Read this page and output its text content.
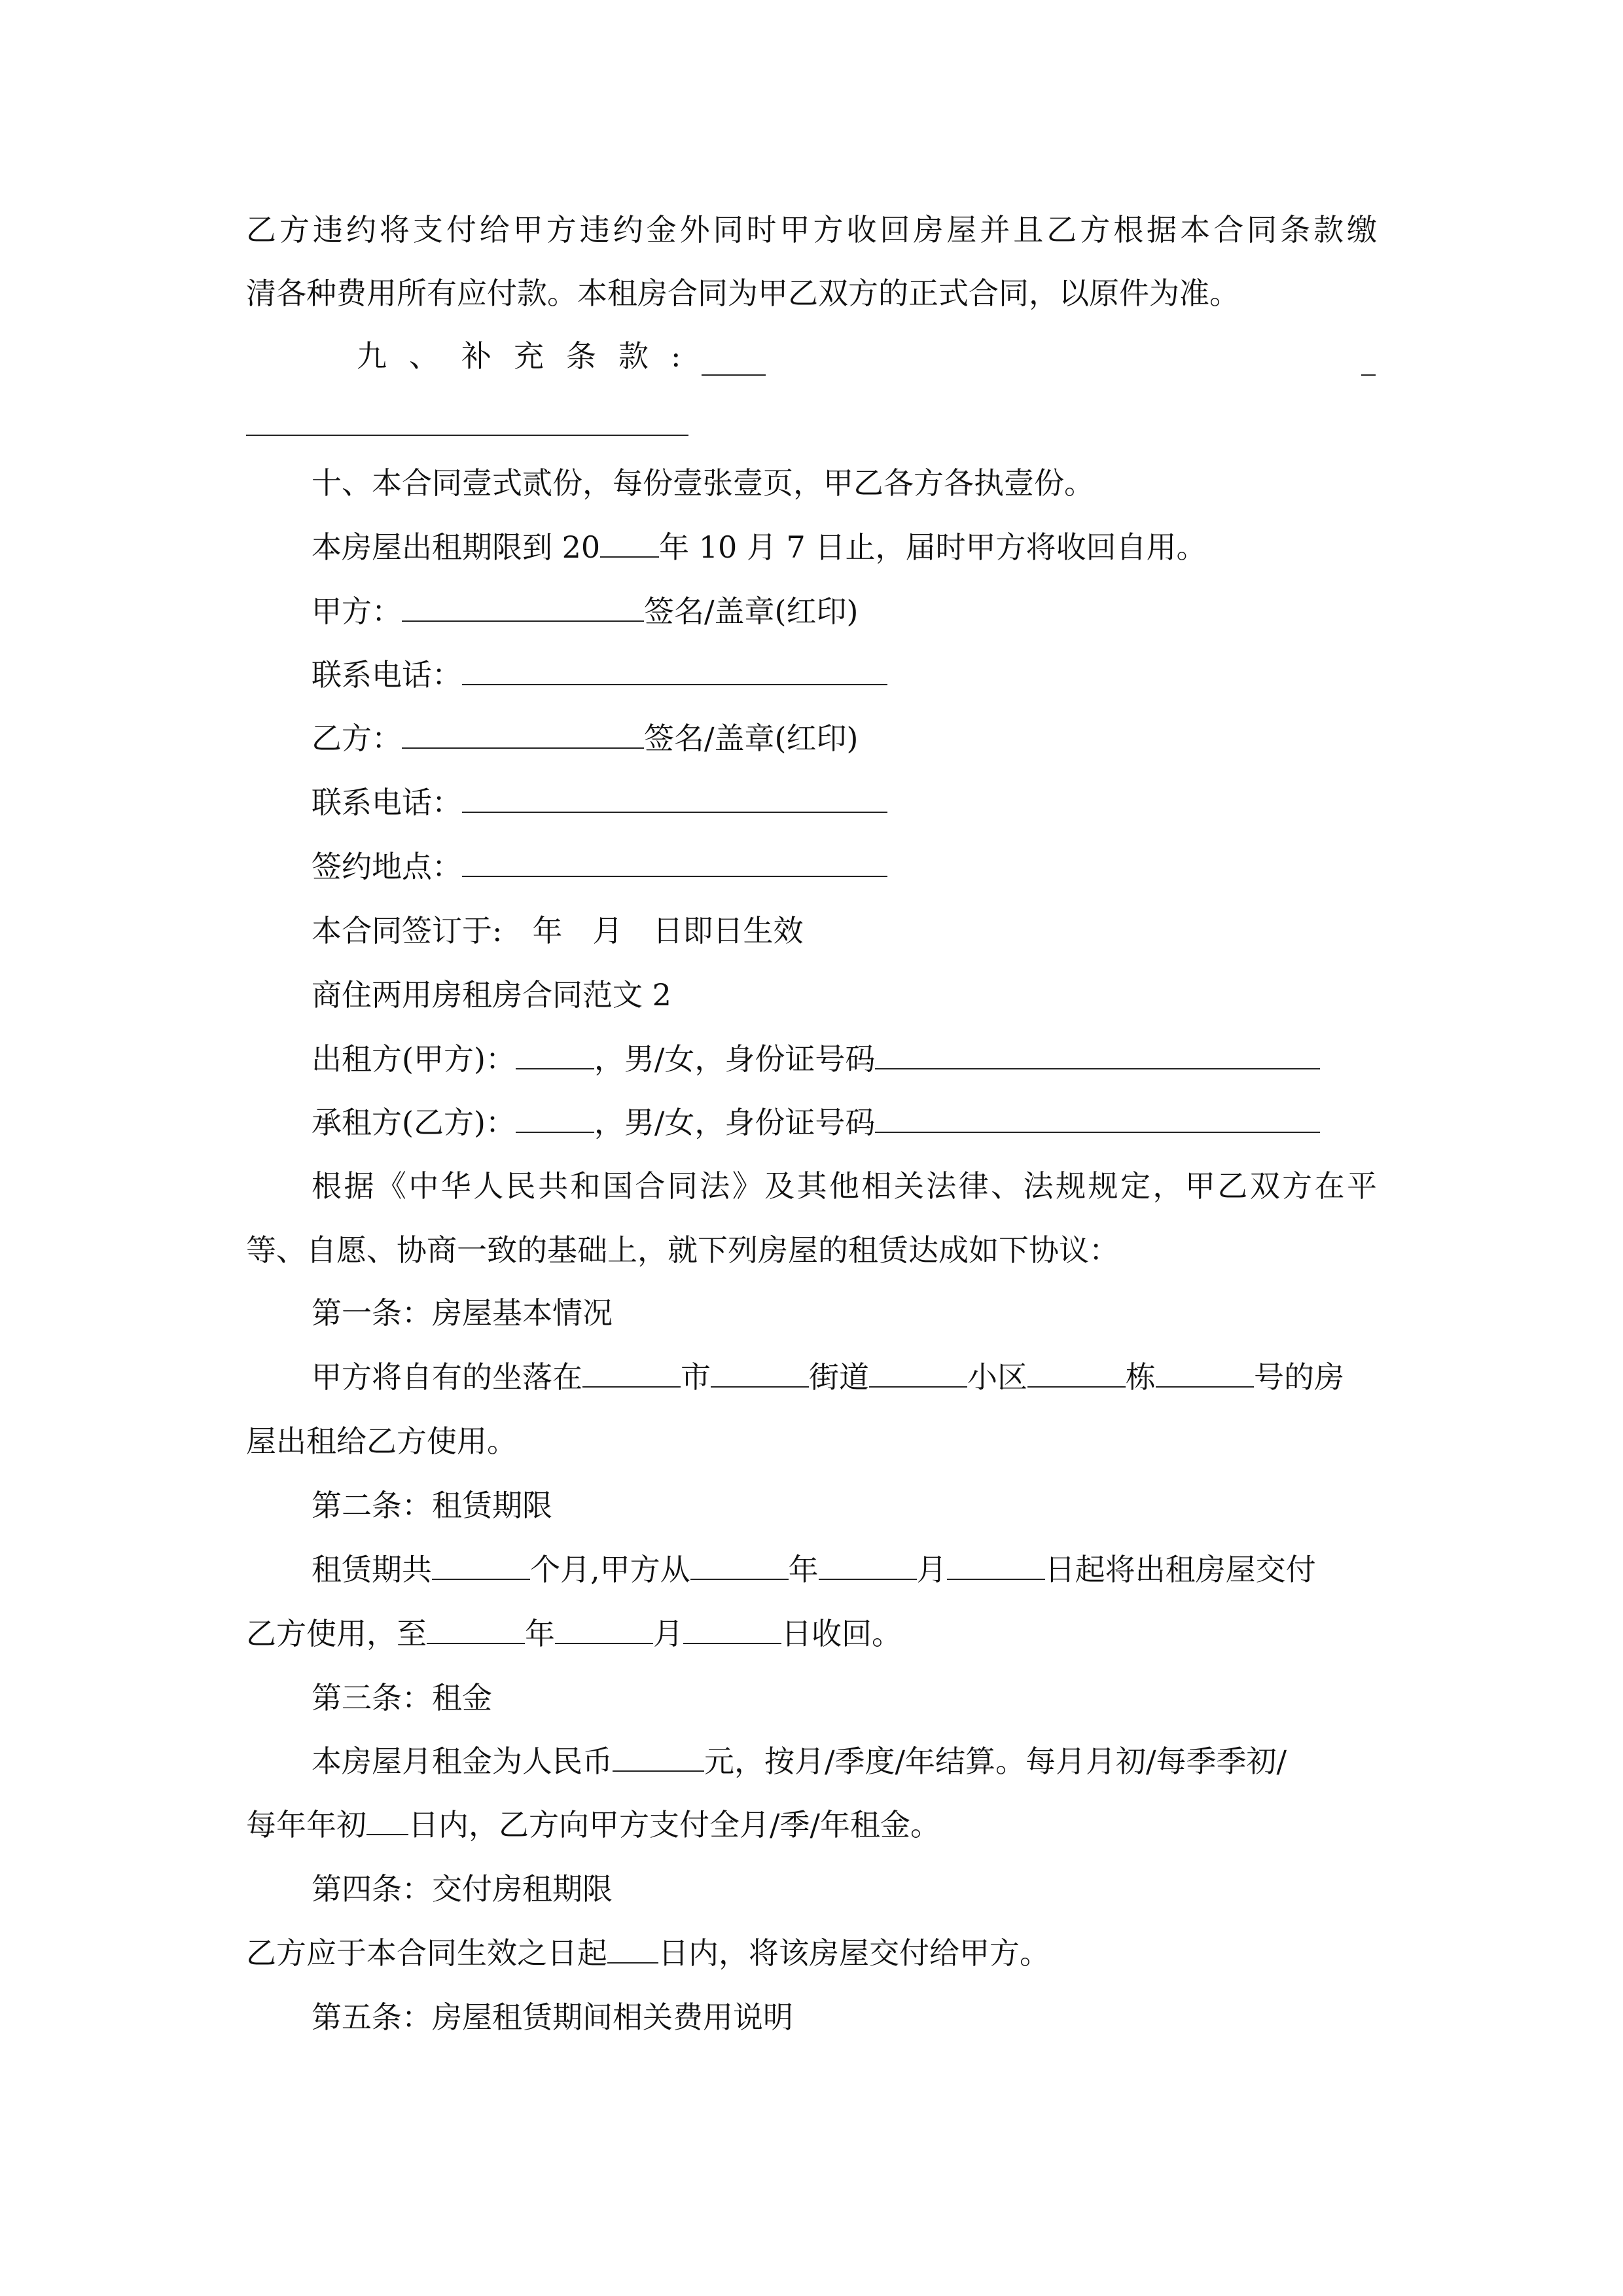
乙方违约将支付给甲方违约金外同时甲方收回房屋并且乙方根据本合同条款缴
清各种费用所有应付款。本租房合同为甲乙双方的正式合同，以原件为准。
九、补充条款:
十、本合同壹式贰份，每份壹张壹页，甲乙各方各执壹份。
本房屋出租期限到 20 年 10 月 7 日止，届时甲方将收回自用。
甲方：	签名/盖章(红印)
联系电话：
乙方：	签名/盖章(红印)
联系电话：
签约地点：
本合同签订于:　年　月　日即日生效
商住两用房租房合同范文 2
出租方(甲方)：	，男/女，身份证号码
承租方(乙方)：	，男/女，身份证号码
根据《中华人民共和国合同法》及其他相关法律、法规规定，甲乙双方在平
等、自愿、协商一致的基础上，就下列房屋的租赁达成如下协议：
第一条：房屋基本情况
甲方将自有的坐落在	市	街道	小区	栋	号的房
屋出租给乙方使用。
第二条：租赁期限
租赁期共	个月,甲方从	年	月	日起将出租房屋交付
乙方使用，至	年	月	日收回。
第三条：租金
本房屋月租金为人民币	元，按月/季度/年结算。每月月初/每季季初/
每年年初 日内，乙方向甲方支付全月/季/年租金。
第四条：交付房租期限
乙方应于本合同生效之日起 日内，将该房屋交付给甲方。
第五条：房屋租赁期间相关费用说明
